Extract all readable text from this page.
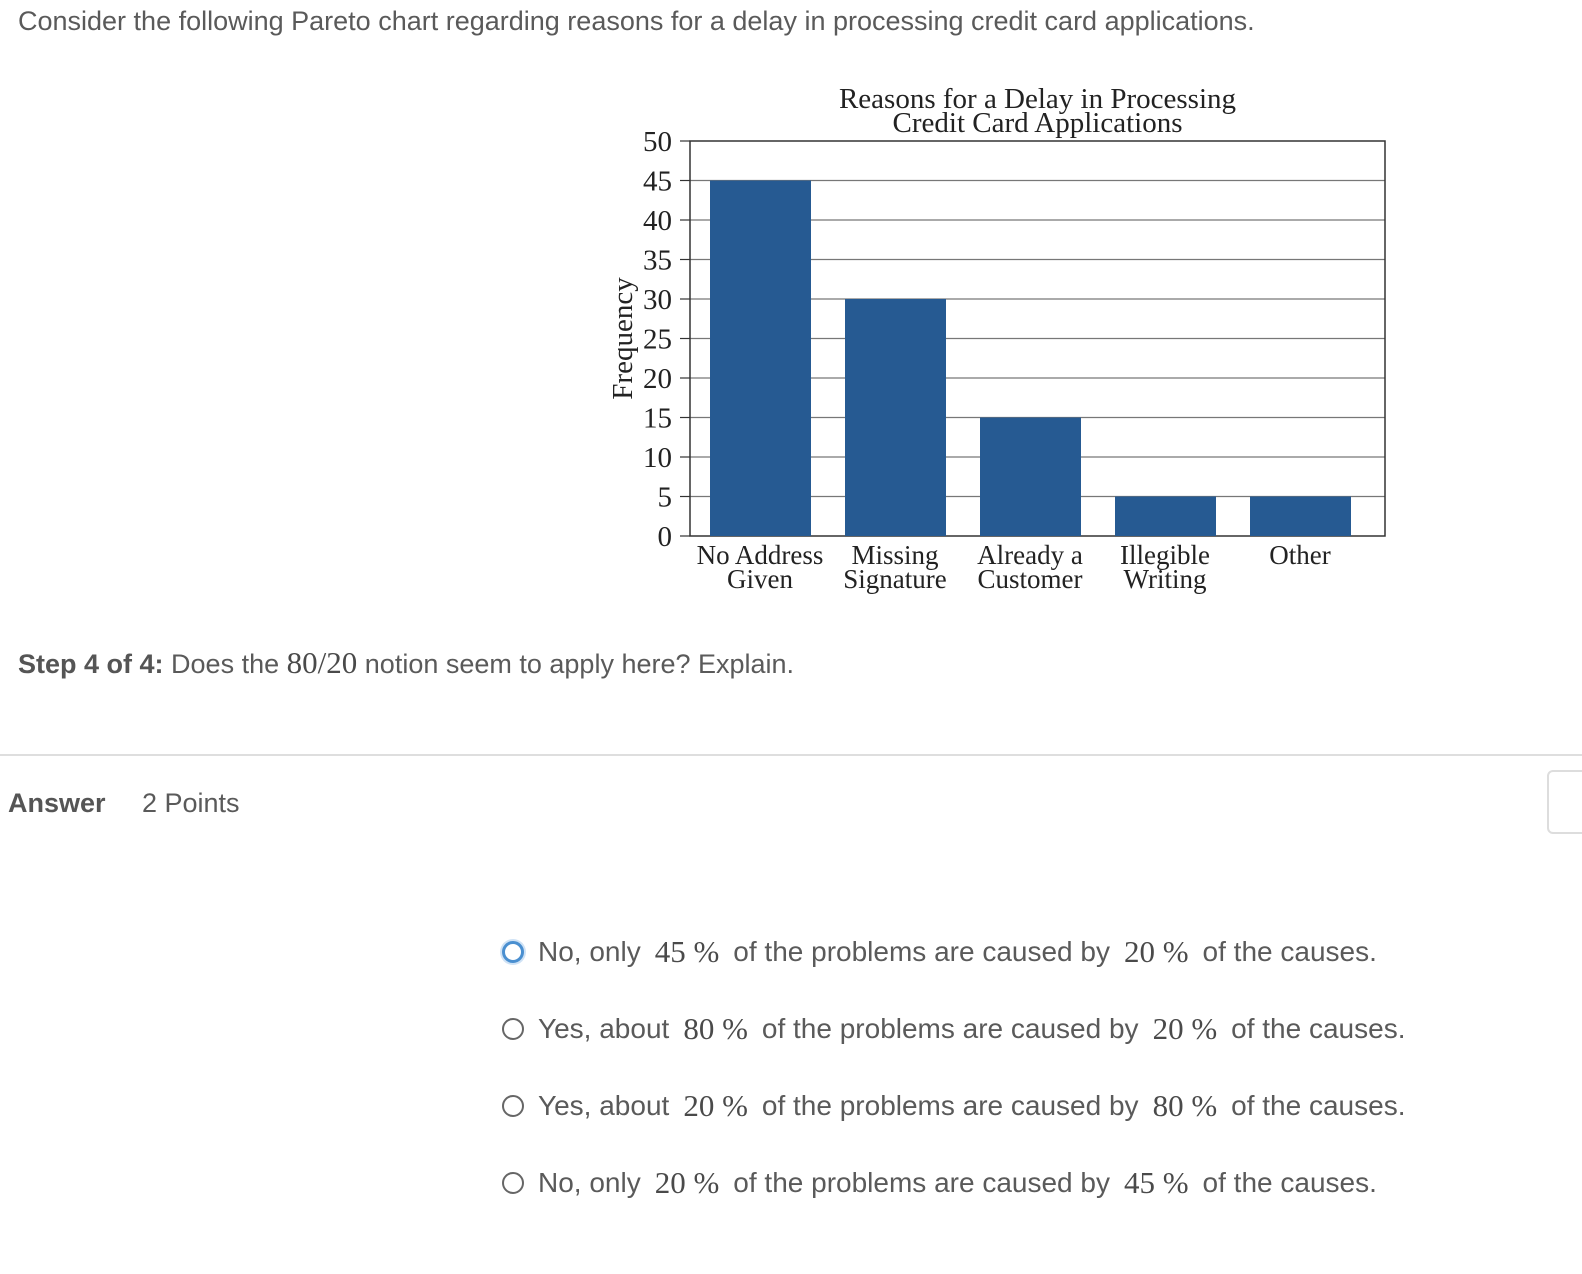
Consider the following Pareto chart regarding reasons for a delay in processing credit card applications.

Reasons for a Delay in Processing
Credit Card Applications
0
5
10
15
20
25
30
35
40
45
50
Frequency
No Address
Given
Missing
Signature
Already a
Customer
Illegible
Writing
Other
Step 4 of 4: Does the 80/20 notion seem to apply here? Explain.
Answer 2 Points
No, only 45 % of the problems are caused by 20 % of the causes.
Yes, about 80 % of the problems are caused by 20 % of the causes.
Yes, about 20 % of the problems are caused by 80 % of the causes.
No, only 20 % of the problems are caused by 45 % of the causes.
